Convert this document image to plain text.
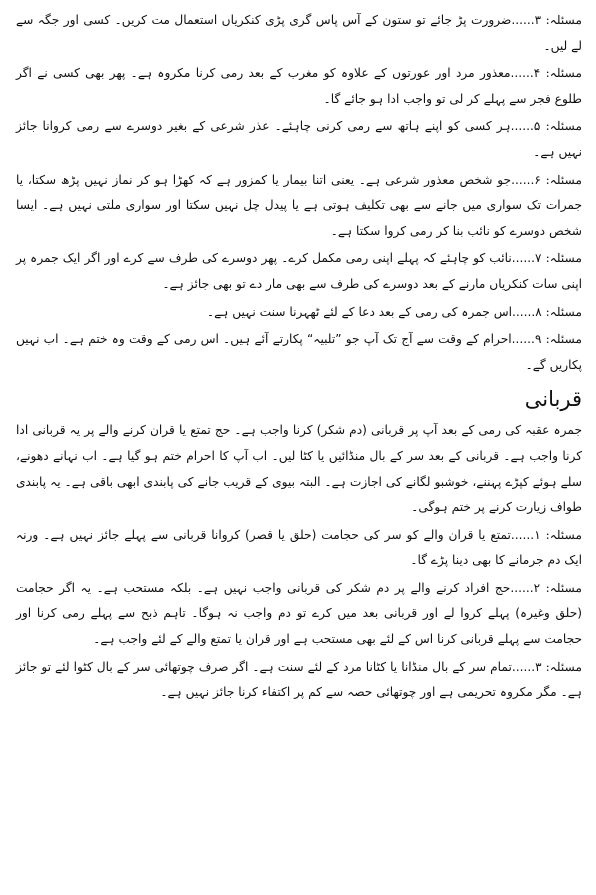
مسئلہ: ۳......ضرورت پڑ جائے تو ستون کے آس پاس گری پڑی کنکریاں استعمال مت کریں۔ کسی اور جگہ سے لے لیں۔

مسئلہ: ۴......معذور مرد اور عورتوں کے علاوہ کو مغرب کے بعد رمی کرنا مکروہ ہے۔ پھر بھی کسی نے اگر طلوع فجر سے پہلے کر لی تو واجب ادا ہو جائے گا۔

مسئلہ: ۵......ہر کسی کو اپنے ہاتھ سے رمی کرنی چاہئے۔ عذر شرعی کے بغیر دوسرے سے رمی کروانا جائز نہیں ہے۔

مسئلہ: ۶......جو شخص معذور شرعی ہے۔ یعنی اتنا بیمار یا کمزور ہے کہ کھڑا ہو کر نماز نہیں پڑھ سکتا، یا جمرات تک سواری میں جانے سے بھی تکلیف ہوتی ہے یا پیدل چل نہیں سکتا اور سواری ملتی نہیں ہے۔ ایسا شخص دوسرے کو نائب بنا کر رمی کروا سکتا ہے۔

مسئلہ: ۷......نائب کو چاہئے کہ پہلے اپنی رمی مکمل کرے۔ پھر دوسرے کی طرف سے کرے اور اگر ایک جمرہ پر اپنی سات کنکریاں مارنے کے بعد دوسرے کی طرف سے بھی مار دے تو بھی جائز ہے۔

مسئلہ: ۸......اس جمرہ کی رمی کے بعد دعا کے لئے ٹھہرنا سنت نہیں ہے۔

مسئلہ: ۹......احرام کے وقت سے آج تک آپ جو ”تلبیہ“ پکارتے آئے ہیں۔ اس رمی کے وقت وہ ختم ہے۔ اب نہیں پکاریں گے۔

قربانی

جمرہ عقبہ کی رمی کے بعد آپ پر قربانی (دم شکر) کرنا واجب ہے۔ حج تمتع یا قران کرنے والے پر یہ قربانی ادا کرنا واجب ہے۔ قربانی کے بعد سر کے بال منڈائیں یا کٹا لیں۔ اب آپ کا احرام ختم ہو گیا ہے۔ اب نہانے دھونے، سلے ہوئے کپڑے پہننے، خوشبو لگانے کی اجازت ہے۔ البتہ بیوی کے قریب جانے کی پابندی ابھی باقی ہے۔ یہ پابندی طواف زیارت کرنے پر ختم ہوگی۔

مسئلہ: ۱......تمتع یا قران والے کو سر کی حجامت (حلق یا قصر) کروانا قربانی سے پہلے جائز نہیں ہے۔ ورنہ ایک دم جرمانے کا بھی دینا پڑے گا۔

مسئلہ: ۲......حج افراد کرنے والے پر دم شکر کی قربانی واجب نہیں ہے۔ بلکہ مستحب ہے۔ یہ اگر حجامت (حلق وغیرہ) پہلے کروا لے اور قربانی بعد میں کرے تو دم واجب نہ ہوگا۔ تاہم ذبح سے پہلے رمی کرنا اور حجامت سے پہلے قربانی کرنا اس کے لئے بھی مستحب ہے اور قران یا تمتع والے کے لئے واجب ہے۔

مسئلہ: ۳......تمام سر کے بال منڈانا یا کٹانا مرد کے لئے سنت ہے۔ اگر صرف چوتھائی سر کے بال کٹوا لئے تو جائز ہے۔ مگر مکروہ تحریمی ہے اور چوتھائی حصہ سے کم پر اکتفاء کرنا جائز نہیں ہے۔
